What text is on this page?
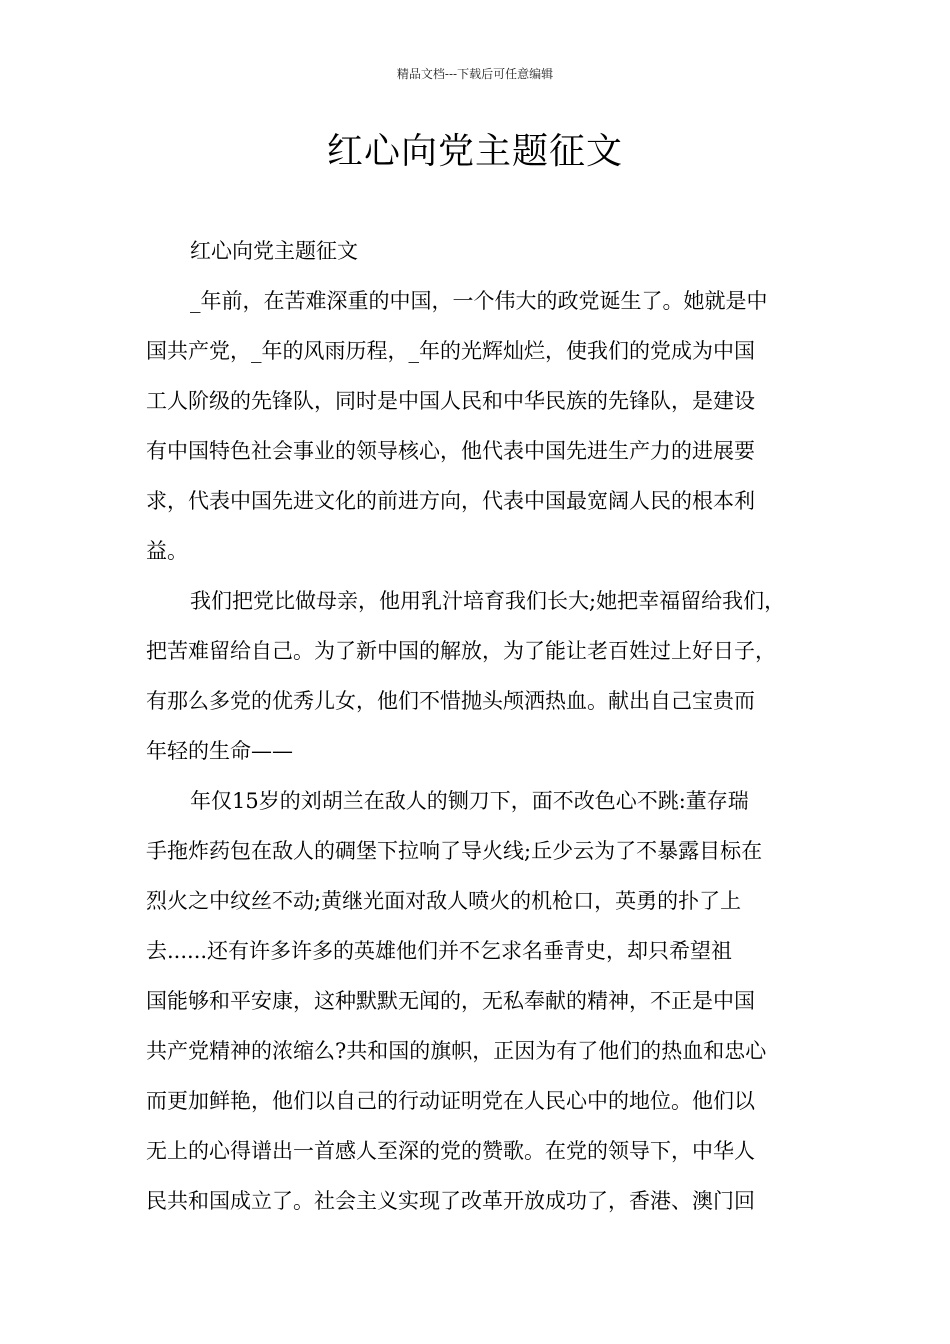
精品文档---下载后可任意编辑
红心向党主题征文

红心向党主题征文

_年前，在苦难深重的中国，一个伟大的政党诞生了。她就是中
国共产党，_年的风雨历程，_年的光辉灿烂，使我们的党成为中国
工人阶级的先锋队，同时是中国人民和中华民族的先锋队，是建设
有中国特色社会事业的领导核心，他代表中国先进生产力的进展要
求，代表中国先进文化的前进方向，代表中国最宽阔人民的根本利
益。

我们把党比做母亲，他用乳汁培育我们长大;她把幸福留给我们，
把苦难留给自己。为了新中国的解放，为了能让老百姓过上好日子，
有那么多党的优秀儿女，他们不惜抛头颅洒热血。献出自己宝贵而
年轻的生命——

年仅15岁的刘胡兰在敌人的铡刀下，面不改色心不跳:董存瑞
手拖炸药包在敌人的碉堡下拉响了导火线;丘少云为了不暴露目标在
烈火之中纹丝不动;黄继光面对敌人喷火的机枪口，英勇的扑了上
去......还有许多许多的英雄他们并不乞求名垂青史，却只希望祖
国能够和平安康，这种默默无闻的，无私奉献的精神，不正是中国
共产党精神的浓缩么?共和国的旗帜，正因为有了他们的热血和忠心
而更加鲜艳，他们以自己的行动证明党在人民心中的地位。他们以
无上的心得谱出一首感人至深的党的赞歌。在党的领导下，中华人
民共和国成立了。社会主义实现了改革开放成功了，香港、澳门回
